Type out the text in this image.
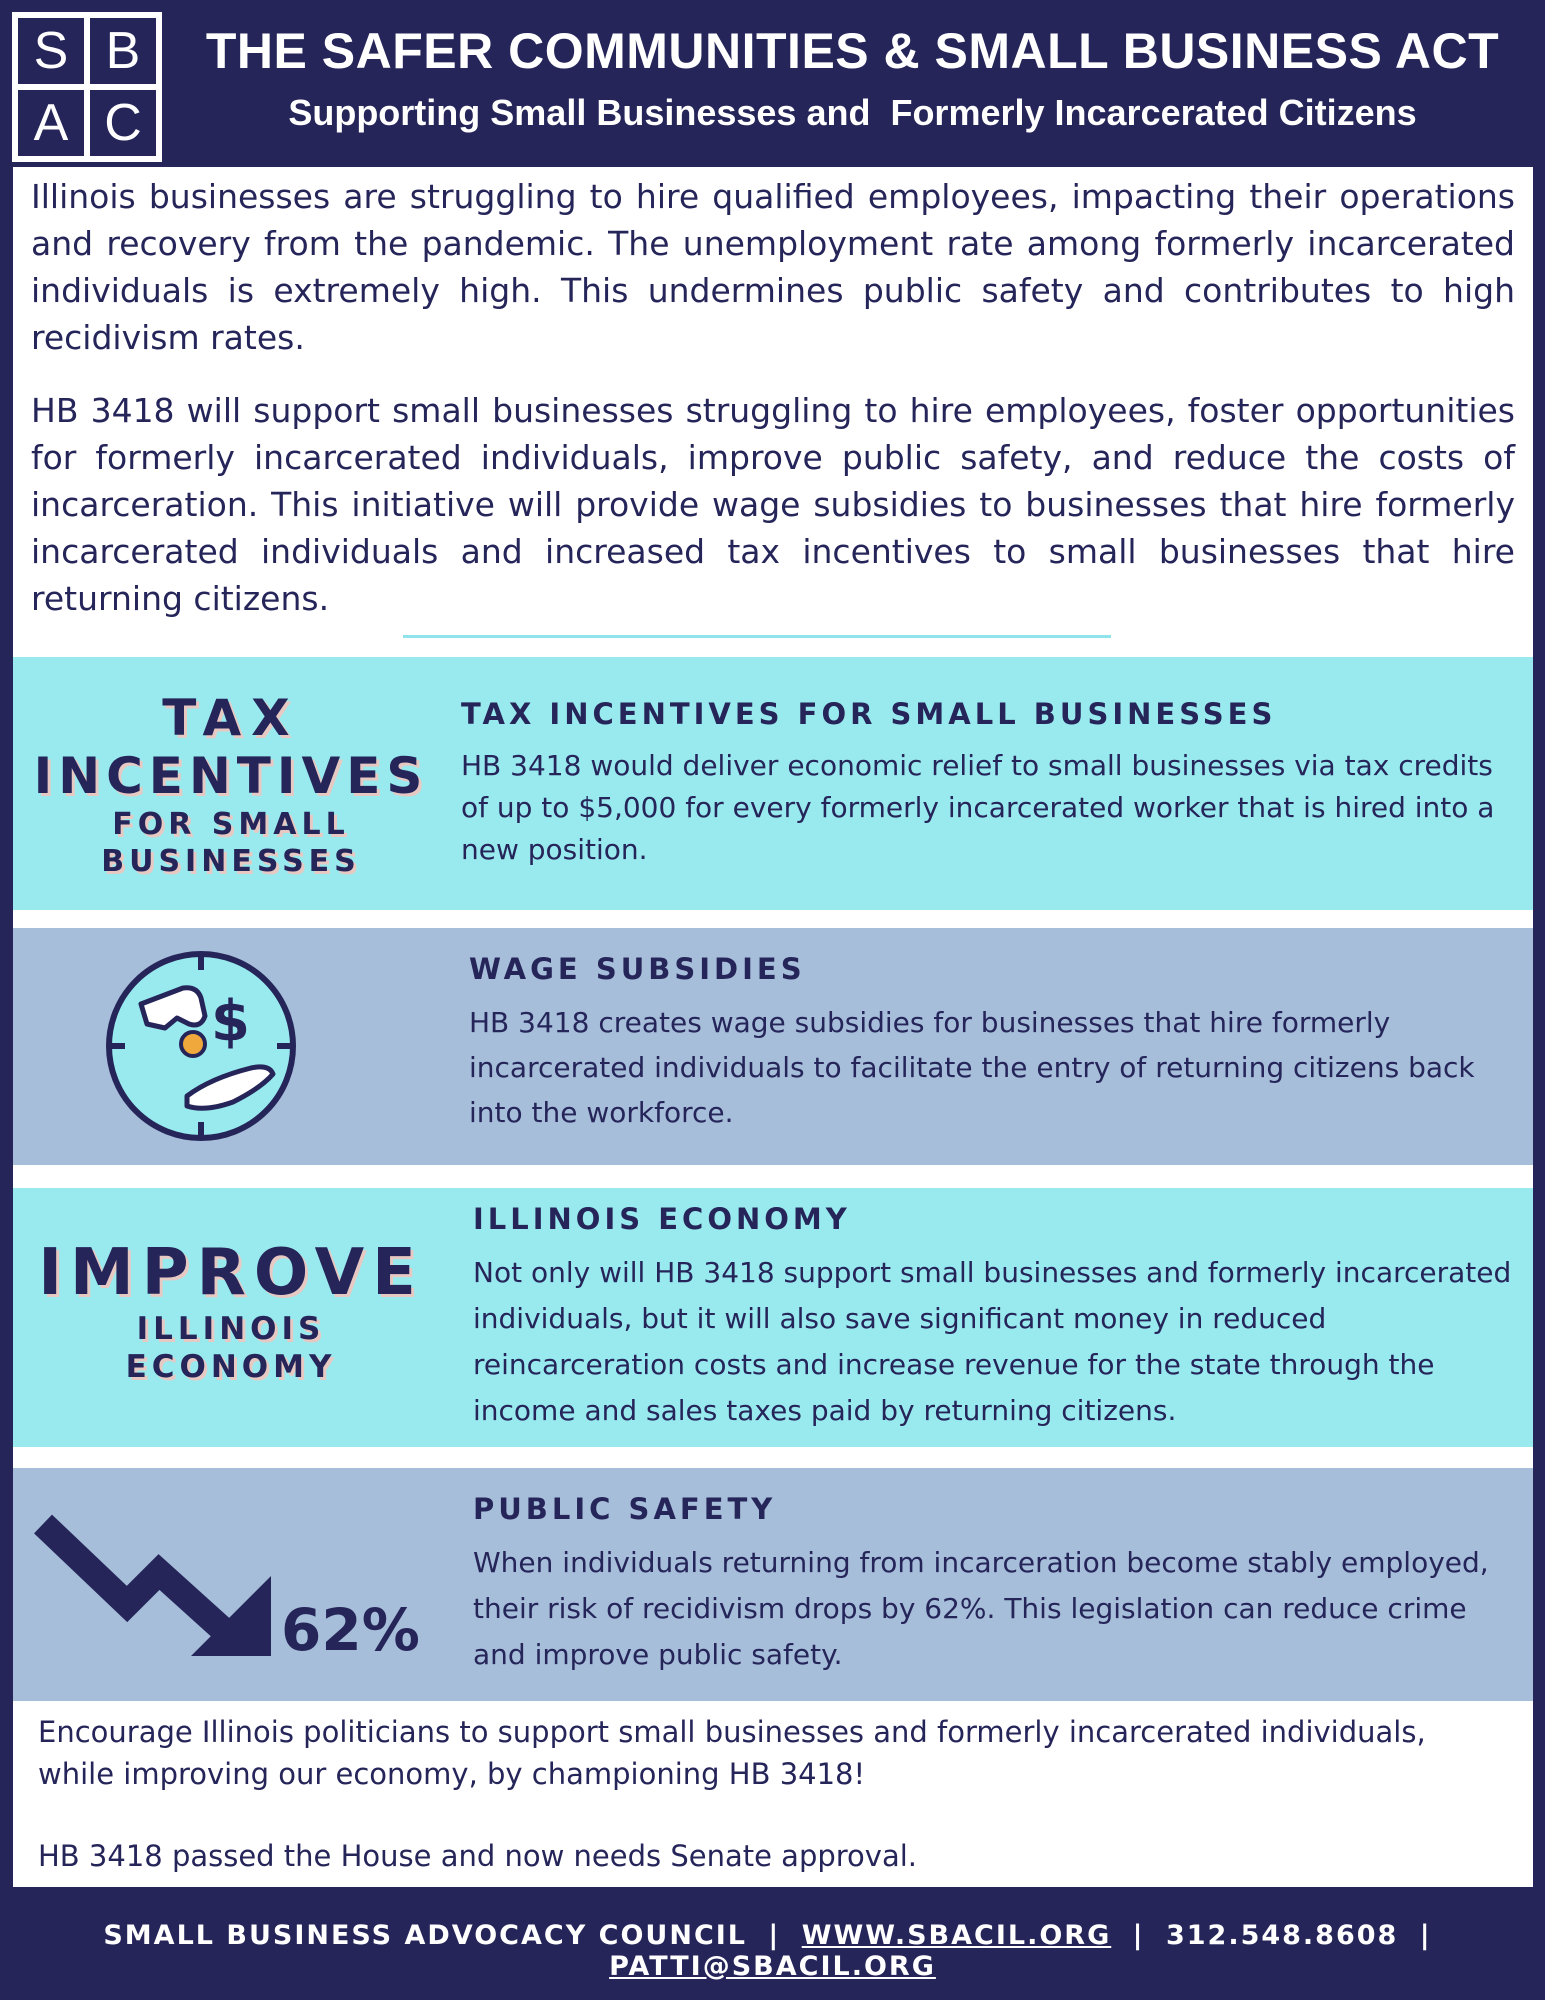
S B
A C
THE SAFER COMMUNITIES & SMALL BUSINESS ACT
Supporting Small Businesses and  Formerly Incarcerated Citizens

Illinois businesses are struggling to hire qualified employees, impacting their operations and recovery from the pandemic. The unemployment rate among formerly incarcerated individuals is extremely high. This undermines public safety and contributes to high recidivism rates.

HB 3418 will support small businesses struggling to hire employees, foster opportunities for formerly incarcerated individuals, improve public safety, and reduce the costs of incarceration. This initiative will provide wage subsidies to businesses that hire formerly incarcerated individuals and increased tax incentives to small businesses that hire returning citizens.

TAX
INCENTIVES
FOR SMALL
BUSINESSES
TAX INCENTIVES FOR SMALL BUSINESSES
HB 3418 would deliver economic relief to small businesses via tax credits of up to $5,000 for every formerly incarcerated worker that is hired into a new position.
$
WAGE SUBSIDIES
HB 3418 creates wage subsidies for businesses that hire formerly incarcerated individuals to facilitate the entry of returning citizens back into the workforce.
IMPROVE
ILLINOIS
ECONOMY
ILLINOIS ECONOMY
Not only will HB 3418 support small businesses and formerly incarcerated individuals, but it will also save significant money in reduced reincarceration costs and increase revenue for the state through the income and sales taxes paid by returning citizens.
62%
PUBLIC SAFETY
When individuals returning from incarceration become stably employed, their risk of recidivism drops by 62%. This legislation can reduce crime and improve public safety.

Encourage Illinois politicians to support small businesses and formerly incarcerated individuals, while improving our economy, by championing HB 3418!

HB 3418 passed the House and now needs Senate approval.

SMALL BUSINESS ADVOCACY COUNCIL | WWW.SBACIL.ORG | 312.548.8608 | PATTI@SBACIL.ORG
